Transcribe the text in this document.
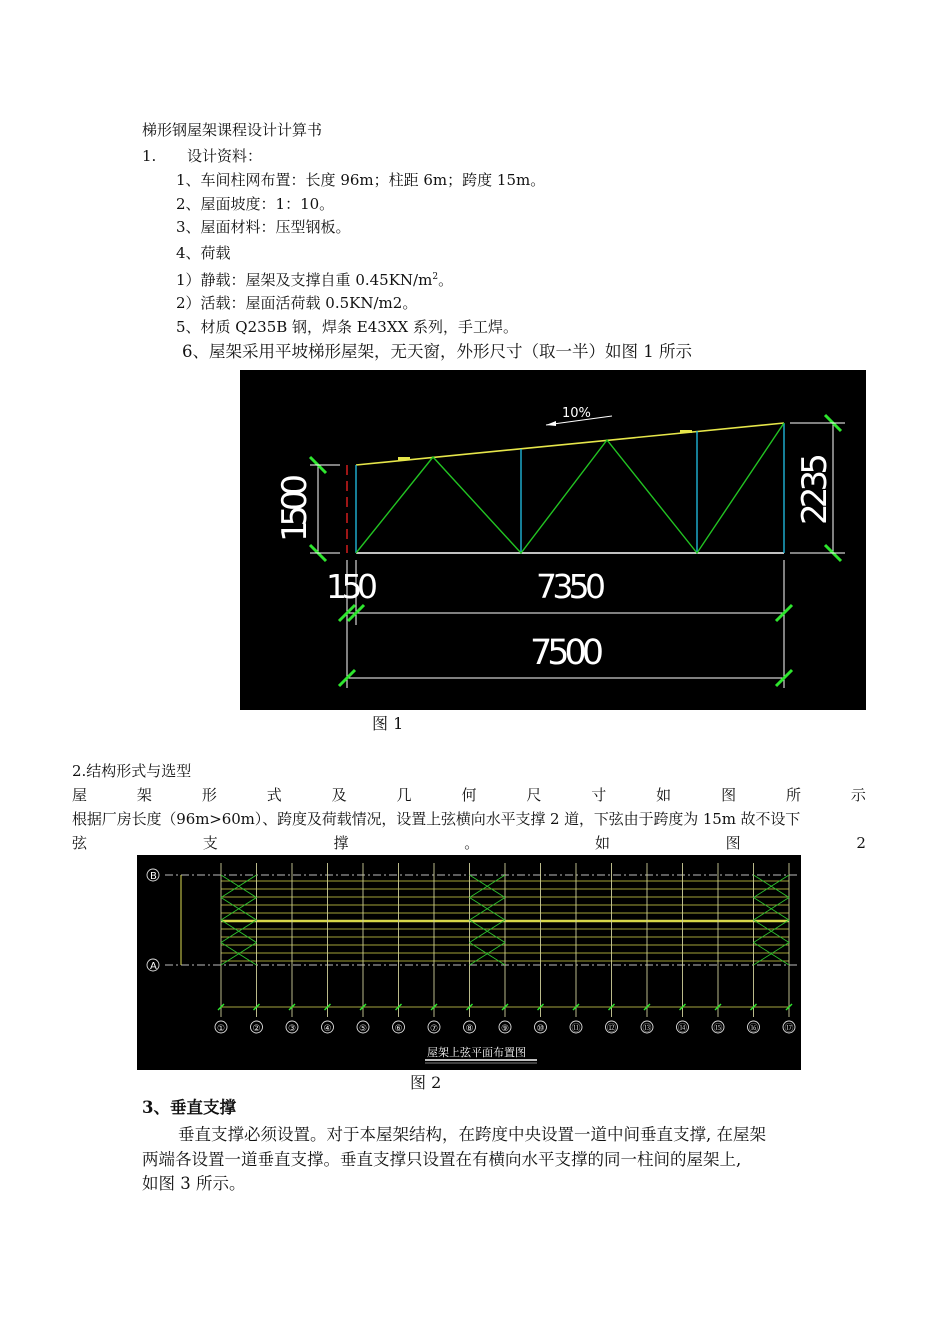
梯形钢屋架课程设计计算书
1. 设计资料：
1、车间柱网布置：长度 96m；柱距 6m；跨度 15m。
2、屋面坡度：1：10。
3、屋面材料：压型钢板。
4、荷载
1）静载：屋架及支撑自重 $0.45KN/m^2$。
2）活载：屋面活荷载 0.5KN/m2。
5、材质 Q235B 钢，焊条 E43XX 系列，手工焊。
6、屋架采用平坡梯形屋架，无天窗，外形尺寸（取一半）如图 1 所示
10%
1500
2235
150	7350
7500
图 1
2.结构形式与选型
屋	架	形	式	及	几	何	尺	寸	如	图	所	示
根据厂房长度（96m>60m）、跨度及荷载情况，设置上弦横向水平支撑 2 道，下弦由于跨度为 15m 故不设下
弦	支	撑	。	如	图	2
屋架上弦平面布置图
①	②	③	④	⑤	⑥	⑦	⑧	⑨	⑩	⑪	⑫	⑬	⑭	⑮	⑯	⑰
B
A
图 2
3、垂直支撑
垂直支撑必须设置。对于本屋架结构，在跨度中央设置一道中间垂直支撑, 在屋架
两端各设置一道垂直支撑。垂直支撑只设置在有横向水平支撑的同一柱间的屋架上,
如图 3 所示。
